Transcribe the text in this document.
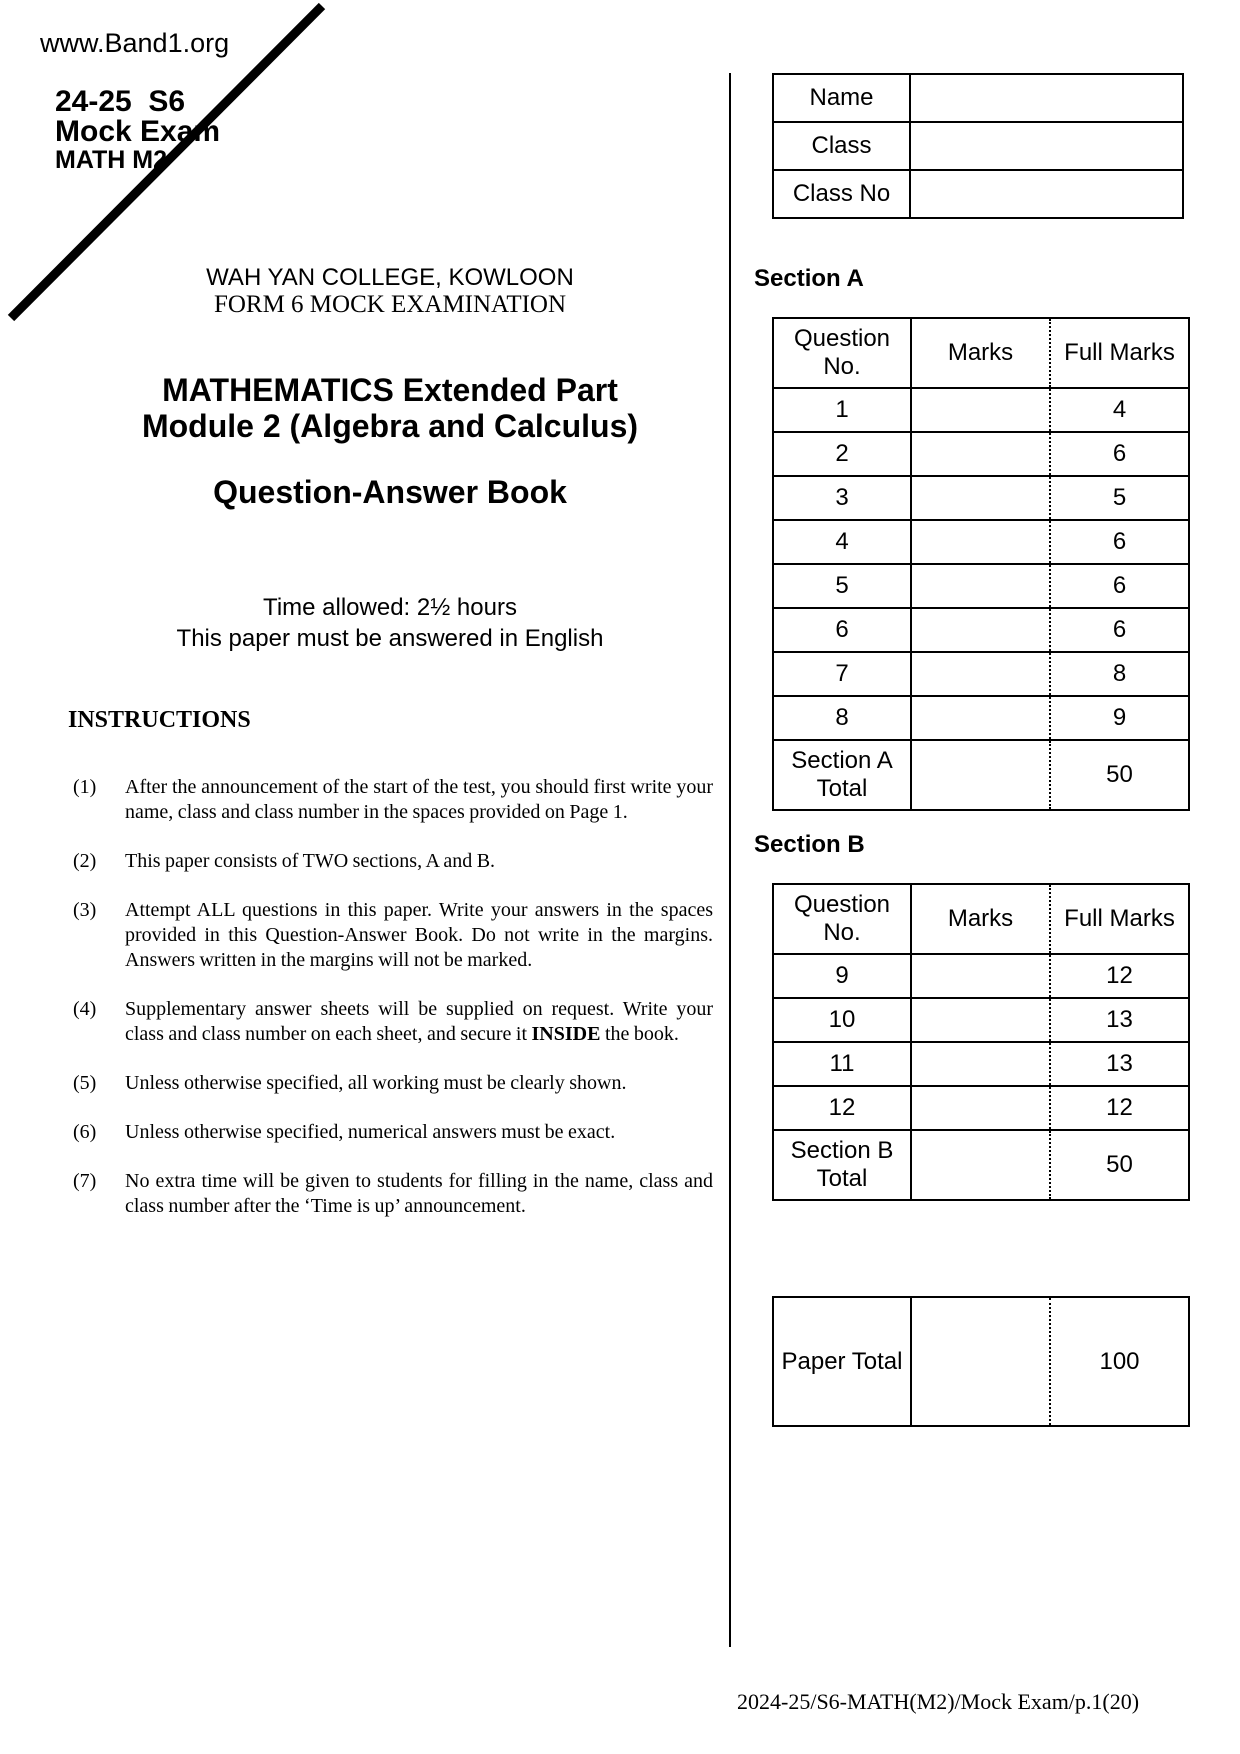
www.Band1.org
24-25  S6
Mock Exam
MATH M2
WAH YAN COLLEGE, KOWLOON
FORM 6 MOCK EXAMINATION
MATHEMATICS Extended Part
Module 2 (Algebra and Calculus)
Question-Answer Book
Time allowed: 2½ hours
This paper must be answered in English
INSTRUCTIONS
(1) After the announcement of the start of the test, you should first write your name, class and class number in the spaces provided on Page 1.
(2) This paper consists of TWO sections, A and B.
(3) Attempt ALL questions in this paper. Write your answers in the spaces provided in this Question-Answer Book. Do not write in the margins. Answers written in the margins will not be marked.
(4) Supplementary answer sheets will be supplied on request. Write your class and class number on each sheet, and secure it INSIDE the book.
(5) Unless otherwise specified, all working must be clearly shown.
(6) Unless otherwise specified, numerical answers must be exact.
(7) No extra time will be given to students for filling in the name, class and class number after the ‘Time is up’ announcement.
Name	
Class	
Class No	
Section A
Question No.	Marks	Full Marks
1		4
2		6
3		5
4		6
5		6
6		6
7		8
8		9
Section A Total		50
Section B
Question No.	Marks	Full Marks
9		12
10		13
11		13
12		12
Section B Total		50
Paper Total		100
2024-25/S6-MATH(M2)/Mock Exam/p.1(20)
